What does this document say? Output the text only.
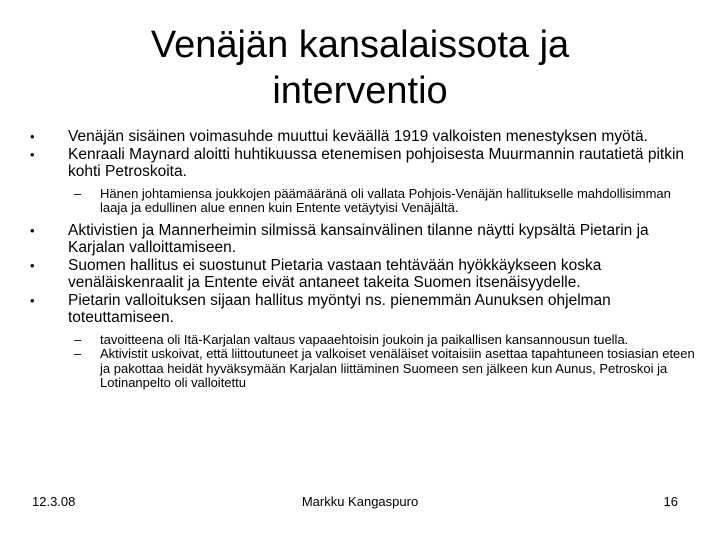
Venäjän kansalaissota ja
interventio
•	Venäjän sisäinen voimasuhde muuttui keväällä 1919 valkoisten menestyksen myötä.
•	Kenraali Maynard aloitti huhtikuussa etenemisen pohjoisesta Muurmannin rautatietä pitkin kohti Petroskoita.
– Hänen johtamiensa joukkojen päämääränä oli vallata Pohjois-Venäjän hallitukselle mahdollisimman laaja ja edullinen alue ennen kuin Entente vetäytyisi Venäjältä.
•	Aktivistien ja Mannerheimin silmissä kansainvälinen tilanne näytti kypsältä Pietarin ja Karjalan valloittamiseen.
•	Suomen hallitus ei suostunut Pietaria vastaan tehtävään hyökkäykseen koska venäläiskenraalit ja Entente eivät antaneet takeita Suomen itsenäisyydelle.
•	Pietarin valloituksen sijaan hallitus myöntyi ns. pienemmän Aunuksen ohjelman toteuttamiseen.
– tavoitteena oli Itä-Karjalan valtaus vapaaehtoisin joukoin ja paikallisen kansannousun tuella.
– Aktivistit uskoivat, että liittoutuneet ja valkoiset venäläiset voitaisiin asettaa tapahtuneen tosiasian eteen ja pakottaa heidät hyväksymään Karjalan liittäminen Suomeen sen jälkeen kun Aunus, Petroskoi ja Lotinanpelto oli valloitettu
12.3.08	Markku Kangaspuro	16
